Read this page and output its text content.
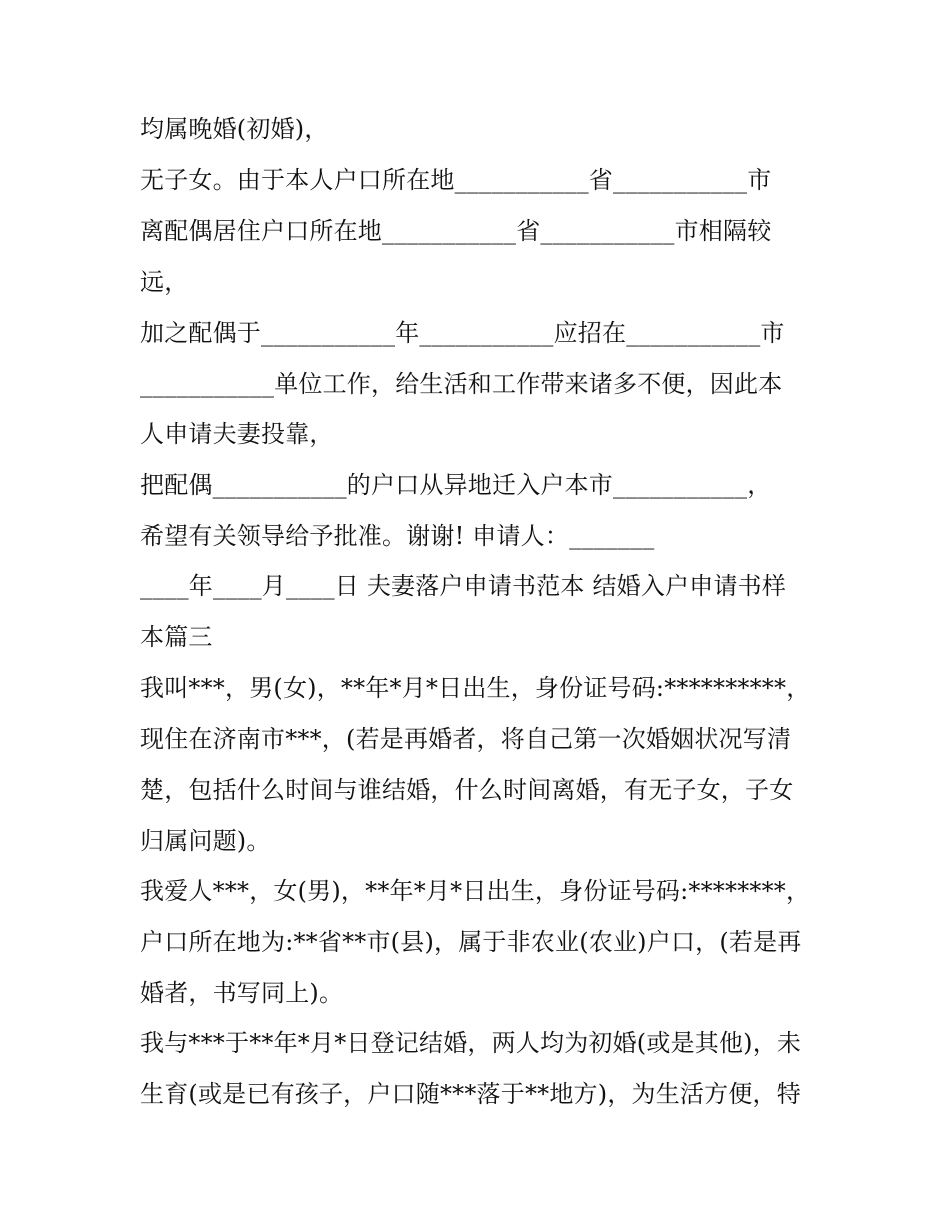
均属晚婚(初婚)，
无子女。由于本人户口所在地___________省___________市
离配偶居住户口所在地___________省___________市相隔较
远，
加之配偶于___________年___________应招在___________市
___________单位工作，给生活和工作带来诸多不便，因此本
人申请夫妻投靠，
把配偶___________的户口从异地迁入户本市___________，
希望有关领导给予批准。谢谢! 申请人：_______
____年____月____日 夫妻落户申请书范本 结婚入户申请书样
本篇三
我叫***，男(女)，**年*月*日出生，身份证号码:**********，
现住在济南市***，(若是再婚者，将自己第一次婚姻状况写清
楚，包括什么时间与谁结婚，什么时间离婚，有无子女，子女
归属问题)。
我爱人***，女(男)，**年*月*日出生，身份证号码:********，
户口所在地为:**省**市(县)，属于非农业(农业)户口，(若是再
婚者，书写同上)。
我与***于**年*月*日登记结婚，两人均为初婚(或是其他)，未
生育(或是已有孩子，户口随***落于**地方)，为生活方便，特
